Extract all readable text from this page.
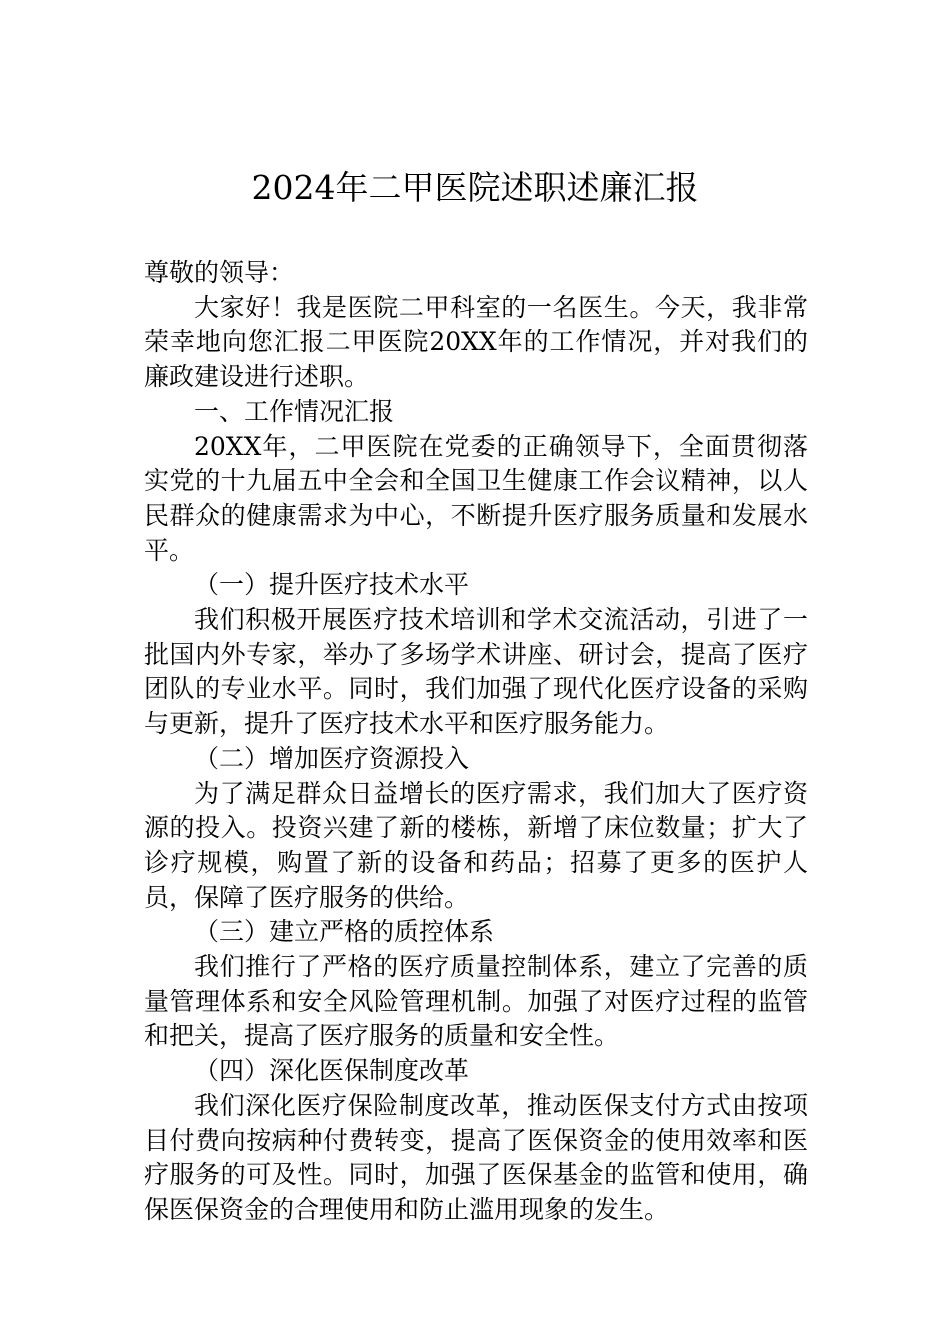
2024年二甲医院述职述廉汇报

尊敬的领导：

大家好！我是医院二甲科室的一名医生。今天，我非常荣幸地向您汇报二甲医院20XX年的工作情况，并对我们的廉政建设进行述职。

一、工作情况汇报

20XX年，二甲医院在党委的正确领导下，全面贯彻落实党的十九届五中全会和全国卫生健康工作会议精神，以人民群众的健康需求为中心，不断提升医疗服务质量和发展水平。

（一）提升医疗技术水平

我们积极开展医疗技术培训和学术交流活动，引进了一批国内外专家，举办了多场学术讲座、研讨会，提高了医疗团队的专业水平。同时，我们加强了现代化医疗设备的采购与更新，提升了医疗技术水平和医疗服务能力。

（二）增加医疗资源投入

为了满足群众日益增长的医疗需求，我们加大了医疗资源的投入。投资兴建了新的楼栋，新增了床位数量；扩大了诊疗规模，购置了新的设备和药品；招募了更多的医护人员，保障了医疗服务的供给。

（三）建立严格的质控体系

我们推行了严格的医疗质量控制体系，建立了完善的质量管理体系和安全风险管理机制。加强了对医疗过程的监管和把关，提高了医疗服务的质量和安全性。

（四）深化医保制度改革

我们深化医疗保险制度改革，推动医保支付方式由按项目付费向按病种付费转变，提高了医保资金的使用效率和医疗服务的可及性。同时，加强了医保基金的监管和使用，确保医保资金的合理使用和防止滥用现象的发生。
